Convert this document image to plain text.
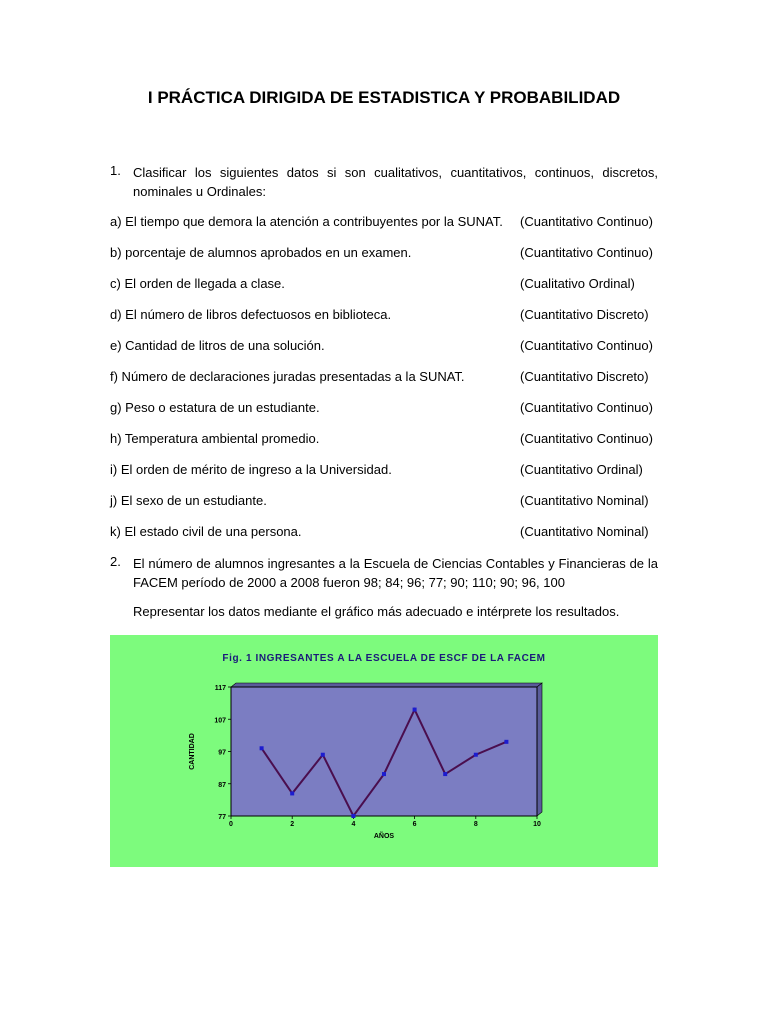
I PRÁCTICA DIRIGIDA DE ESTADISTICA Y PROBABILIDAD
1. Clasificar los siguientes datos si son cualitativos, cuantitativos, continuos, discretos, nominales u Ordinales:
a) El tiempo que demora la atención a contribuyentes por la SUNAT. (Cuantitativo Continuo)
b) porcentaje de alumnos aprobados en un examen.	(Cuantitativo Continuo)
c) El orden de llegada a clase.	(Cualitativo Ordinal)
d) El número de libros defectuosos en biblioteca.	(Cuantitativo Discreto)
e) Cantidad de litros de una solución.	(Cuantitativo Continuo)
f) Número de declaraciones juradas presentadas a la SUNAT.	(Cuantitativo Discreto)
g) Peso o estatura de un estudiante.	(Cuantitativo Continuo)
h) Temperatura ambiental promedio.	(Cuantitativo Continuo)
i) El orden de mérito de ingreso a la Universidad.	(Cuantitativo Ordinal)
j) El sexo de un estudiante.	(Cuantitativo Nominal)
k) El estado civil de una persona.	(Cuantitativo Nominal)
2. El número de alumnos ingresantes a la Escuela de Ciencias Contables y Financieras de la FACEM período de 2000 a 2008 fueron 98; 84; 96; 77; 90; 110; 90; 96, 100
Representar los datos mediante el gráfico más adecuado e intérprete los resultados.
Fig. 1 INGRESANTES A LA ESCUELA DE ESCF DE LA FACEM
77
87
97
107
117
0	2	4	6	8	10
AÑOS
CANTIDAD
